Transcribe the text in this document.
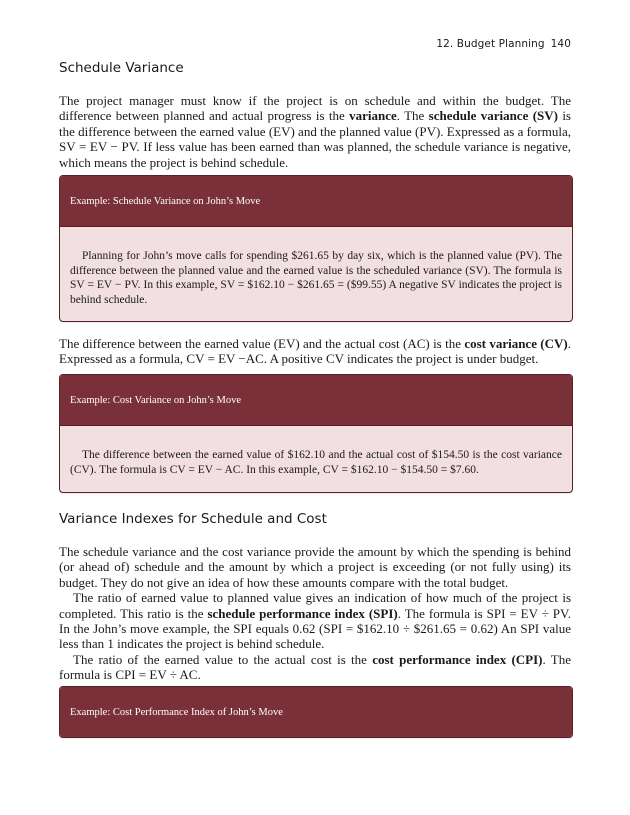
12. Budget Planning 140
Schedule Variance

The project manager must know if the project is on schedule and within the budget. The difference between planned and actual progress is the variance. The schedule variance (SV) is the difference between the earned value (EV) and the planned value (PV). Expressed as a formula, SV = EV − PV. If less value has been earned than was planned, the schedule variance is negative, which means the project is behind schedule.

Example: Schedule Variance on John’s Move
Planning for John’s move calls for spending $261.65 by day six, which is the planned value (PV). The difference between the planned value and the earned value is the scheduled variance (SV). The formula is SV = EV − PV. In this example, SV = $162.10 − $261.65 = ($99.55) A negative SV indicates the project is behind schedule.

The difference between the earned value (EV) and the actual cost (AC) is the cost variance (CV). Expressed as a formula, CV = EV −AC. A positive CV indicates the project is under budget.

Example: Cost Variance on John’s Move
The difference between the earned value of $162.10 and the actual cost of $154.50 is the cost variance (CV). The formula is CV = EV − AC. In this example, CV = $162.10 − $154.50 = $7.60.
Variance Indexes for Schedule and Cost

The schedule variance and the cost variance provide the amount by which the spending is behind (or ahead of) schedule and the amount by which a project is exceeding (or not fully using) its budget. They do not give an idea of how these amounts compare with the total budget.

The ratio of earned value to planned value gives an indication of how much of the project is completed. This ratio is the schedule performance index (SPI). The formula is SPI = EV ÷ PV. In the John’s move example, the SPI equals 0.62 (SPI = $162.10 ÷ $261.65 = 0.62) An SPI value less than 1 indicates the project is behind schedule.

The ratio of the earned value to the actual cost is the cost performance index (CPI). The formula is CPI = EV ÷ AC.

Example: Cost Performance Index of John’s Move
